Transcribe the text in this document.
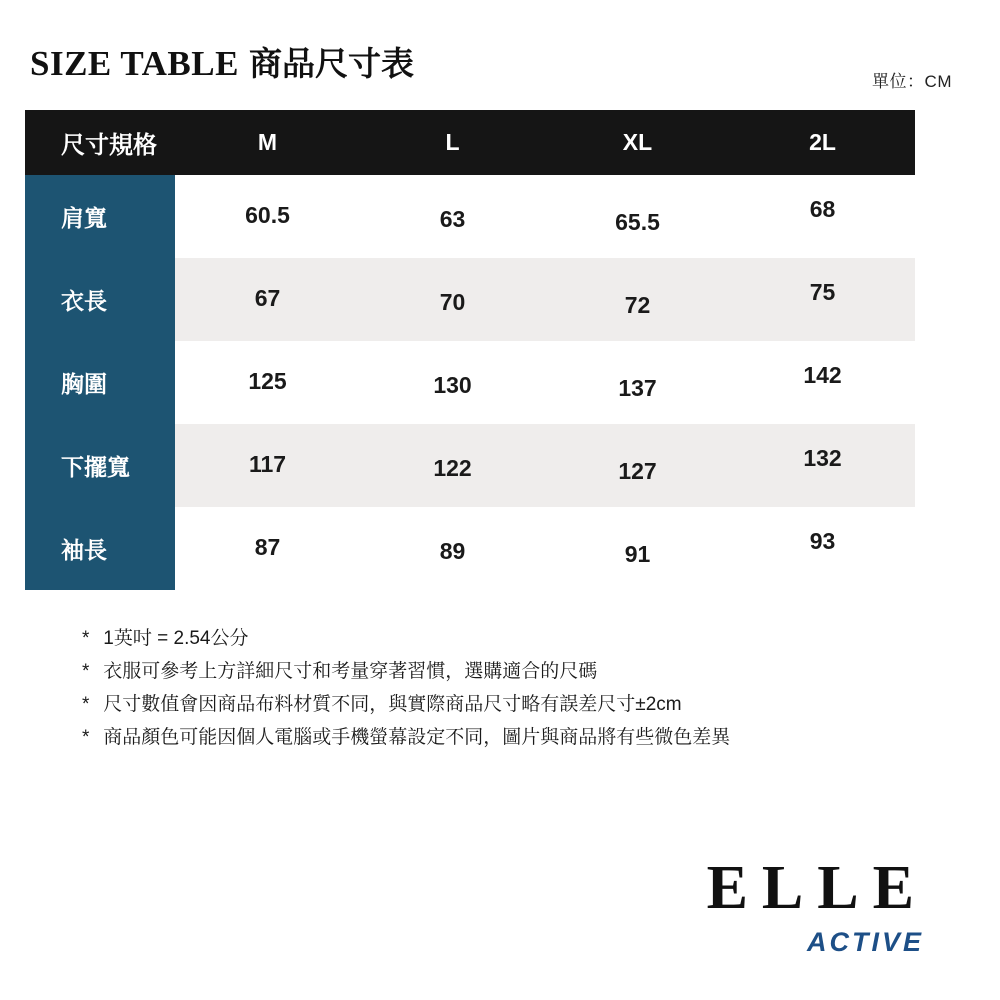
SIZE TABLE 商品尺寸表	單位：CM
尺寸規格	M	L	XL	2L
肩寬	60.5	63	65.5	68
衣長	67	70	72	75
胸圍	125	130	137	142
下擺寬	117	122	127	132
袖長	87	89	91	93
* 1英吋 = 2.54公分
* 衣服可參考上方詳細尺寸和考量穿著習慣，選購適合的尺碼
* 尺寸數值會因商品布料材質不同，與實際商品尺寸略有誤差尺寸±2cm
* 商品顏色可能因個人電腦或手機螢幕設定不同，圖片與商品將有些微色差異
ELLE
ACTIVE
